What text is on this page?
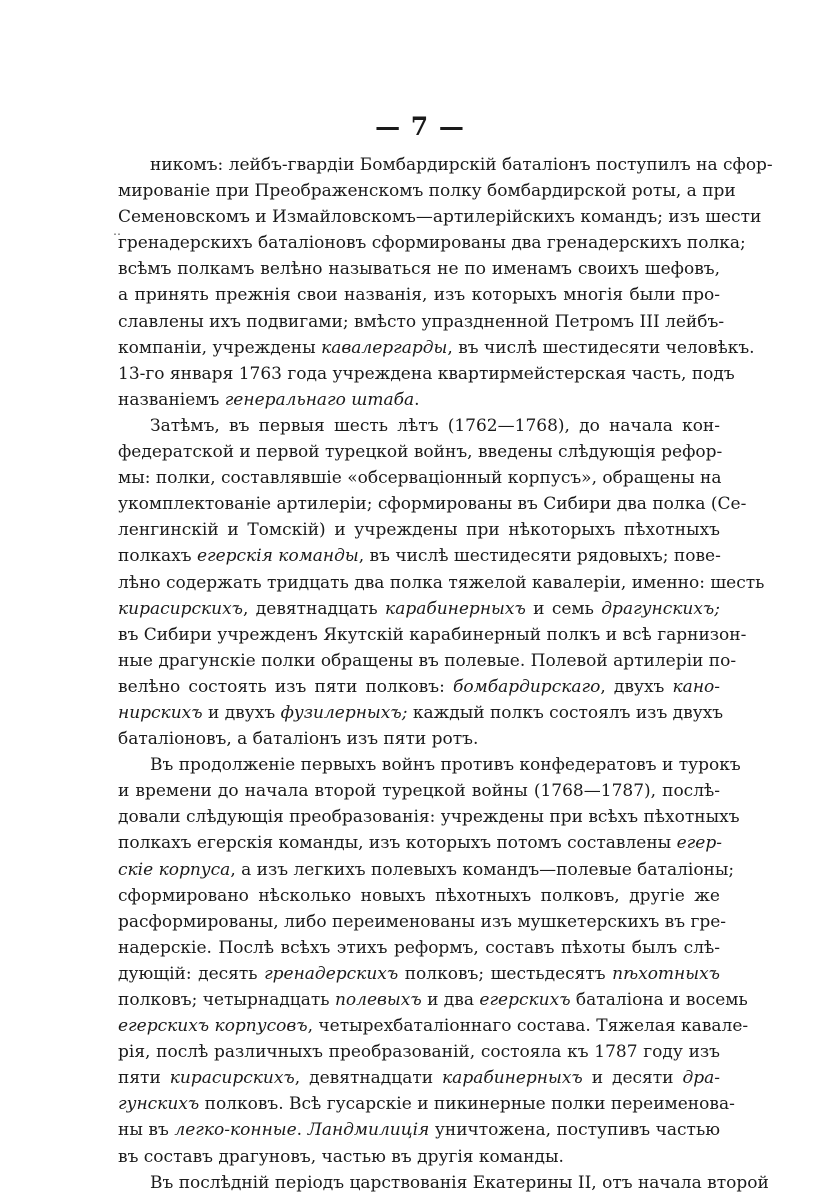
— 7 —
‥
никомъ: лейбъ-гвардіи Бомбардирскій баталіонъ поступилъ на сфор-
мированіе при Преображенскомъ полку бомбардирской роты, а при
Семеновскомъ и Измайловскомъ—артилерійскихъ командъ; изъ шести
гренадерскихъ баталіоновъ сформированы два гренадерскихъ полка;
всѣмъ полкамъ велѣно называться не по именамъ своихъ шефовъ,
а принять прежнія свои названія, изъ которыхъ многія были про-
славлены ихъ подвигами; вмѣсто упраздненной Петромъ III лейбъ-
компаніи, учреждены кавалергарды, въ числѣ шестидесяти человѣкъ.
13-го января 1763 года учреждена квартирмейстерская часть, подъ
названіемъ генеральнаго штаба.
Затѣмъ, въ первыя шесть лѣтъ (1762—1768), до начала кон-
федератской и первой турецкой войнъ, введены слѣдующія рефор-
мы: полки, составлявшіе «обсерваціонный корпусъ», обращены на
укомплектованіе артилеріи; сформированы въ Сибири два полка (Се-
ленгинскій и Томскій) и учреждены при нѣкоторыхъ пѣхотныхъ
полкахъ егерскія команды, въ числѣ шестидесяти рядовыхъ; пове-
лѣно содержать тридцать два полка тяжелой кавалеріи, именно: шесть
кирасирскихъ, девятнадцать карабинерныхъ и семь драгунскихъ;
въ Сибири учрежденъ Якутскій карабинерный полкъ и всѣ гарнизон-
ные драгунскіе полки обращены въ полевые. Полевой артилеріи по-
велѣно состоять изъ пяти полковъ: бомбардирскаго, двухъ кано-
нирскихъ и двухъ фузилерныхъ; каждый полкъ состоялъ изъ двухъ
баталіоновъ, а баталіонъ изъ пяти ротъ.
Въ продолженіе первыхъ войнъ противъ конфедератовъ и турокъ
и времени до начала второй турецкой войны (1768—1787), послѣ-
довали слѣдующія преобразованія: учреждены при всѣхъ пѣхотныхъ
полкахъ егерскія команды, изъ которыхъ потомъ составлены егер-
скіе корпуса, а изъ легкихъ полевыхъ командъ—полевые баталіоны;
сформировано нѣсколько новыхъ пѣхотныхъ полковъ, другіе же
расформированы, либо переименованы изъ мушкетерскихъ въ гре-
надерскіе. Послѣ всѣхъ этихъ реформъ, составъ пѣхоты былъ слѣ-
дующій: десять гренадерскихъ полковъ; шестьдесятъ пѣхотныхъ
полковъ; четырнадцать полевыхъ и два егерскихъ баталіона и восемь
егерскихъ корпусовъ, четырехбаталіоннаго состава. Тяжелая кавале-
рія, послѣ различныхъ преобразованій, состояла къ 1787 году изъ
пяти кирасирскихъ, девятнадцати карабинерныхъ и десяти дра-
гунскихъ полковъ. Всѣ гусарскіе и пикинерные полки переименова-
ны въ легко-конные. Ландмилиція уничтожена, поступивъ частью
въ составъ драгуновъ, частью въ другія команды.
Въ послѣдній періодъ царствованія Екатерины II, отъ начала второй
